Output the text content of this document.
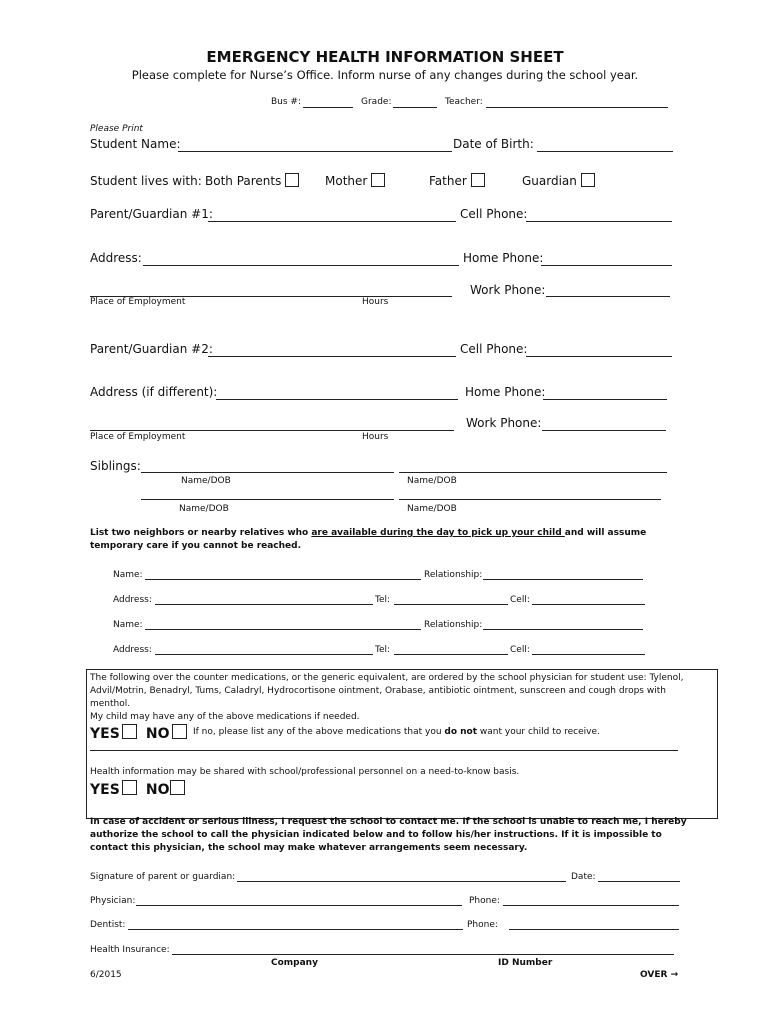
EMERGENCY HEALTH INFORMATION SHEET
Please complete for Nurse’s Office. Inform nurse of any changes during the school year.
Bus #:	Grade:	Teacher:
Please Print
Student Name:	Date of Birth:
Student lives with: Both Parents	Mother	Father	Guardian
Parent/Guardian #1:	Cell Phone:
Address:	Home Phone:
Work Phone:
Place of Employment	Hours
Parent/Guardian #2:	Cell Phone:
Address (if different):	Home Phone:
Work Phone:
Place of Employment	Hours
Siblings:
Name/DOB	Name/DOB
Name/DOB	Name/DOB
List two neighbors or nearby relatives who are available during the day to pick up your child and will assume
temporary care if you cannot be reached.
Name:	Relationship:
Address:	Tel:	Cell:
Name:	Relationship:
Address:	Tel:	Cell:
The following over the counter medications, or the generic equivalent, are ordered by the school physician for student use: Tylenol,
Advil/Motrin, Benadryl, Tums, Caladryl, Hydrocortisone ointment, Orabase, antibiotic ointment, sunscreen and cough drops with
menthol.
My child may have any of the above medications if needed.
YES NO	If no, please list any of the above medications that you do not want your child to receive.
Health information may be shared with school/professional personnel on a need-to-know basis.
YES NO
In case of accident or serious illness, I request the school to contact me. If the school is unable to reach me, I hereby
authorize the school to call the physician indicated below and to follow his/her instructions. If it is impossible to
contact this physician, the school may make whatever arrangements seem necessary.
Signature of parent or guardian:	Date:
Physician:	Phone:
Dentist:	Phone:
Health Insurance:
Company	ID Number
6/2015	OVER →
